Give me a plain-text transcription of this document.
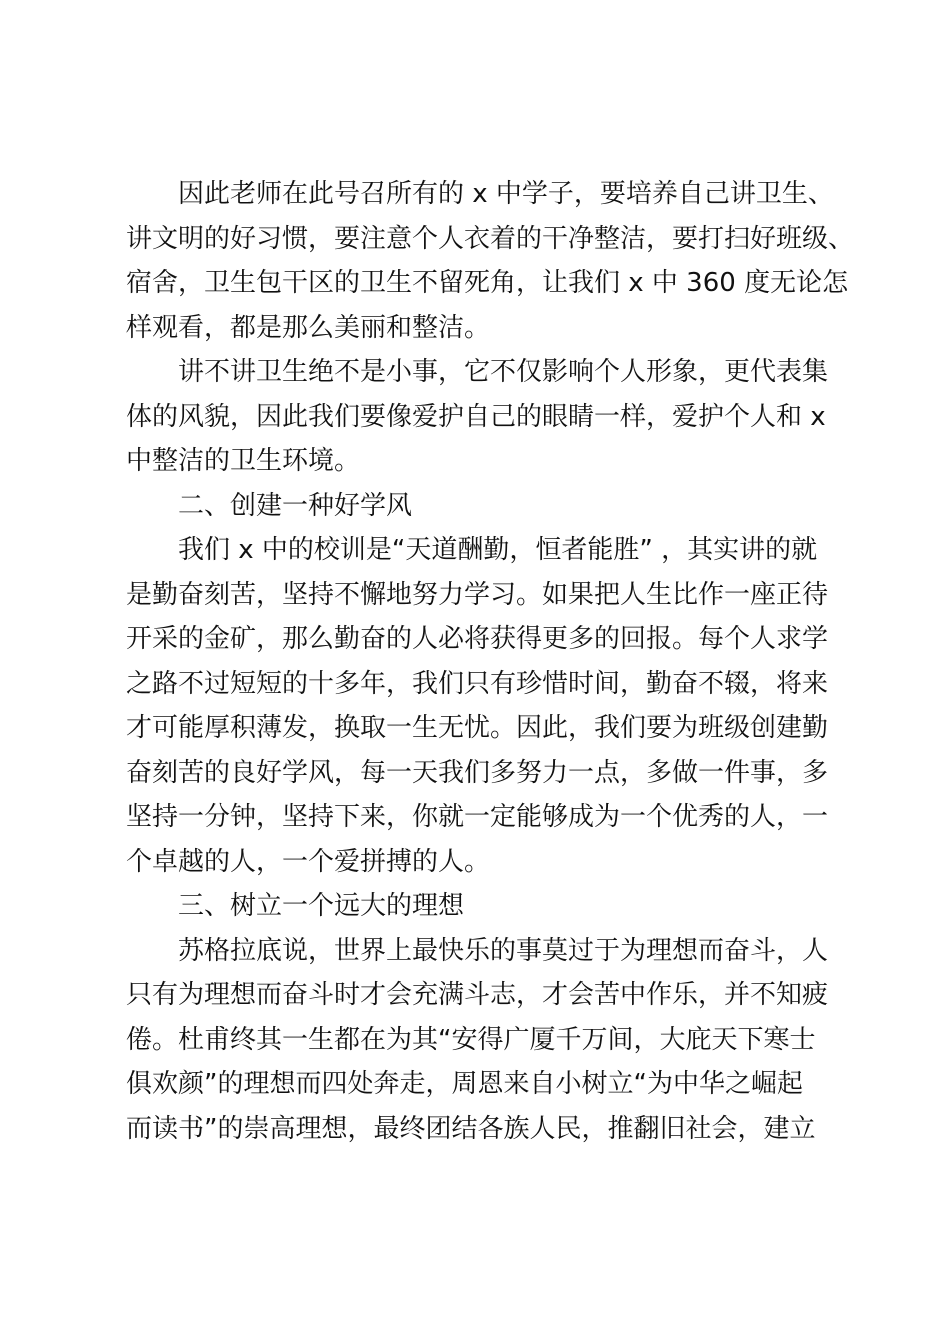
因此老师在此号召所有的 x 中学子，要培养自己讲卫生、
讲文明的好习惯，要注意个人衣着的干净整洁，要打扫好班级、
宿舍，卫生包干区的卫生不留死角，让我们 x 中 360 度无论怎
样观看，都是那么美丽和整洁。

讲不讲卫生绝不是小事，它不仅影响个人形象，更代表集
体的风貌，因此我们要像爱护自己的眼睛一样，爱护个人和 x
中整洁的卫生环境。

二、创建一种好学风

我们 x 中的校训是“天道酬勤，恒者能胜” ，其实讲的就
是勤奋刻苦，坚持不懈地努力学习。如果把人生比作一座正待
开采的金矿，那么勤奋的人必将获得更多的回报。每个人求学
之路不过短短的十多年，我们只有珍惜时间，勤奋不辍，将来
才可能厚积薄发，换取一生无忧。因此，我们要为班级创建勤
奋刻苦的良好学风，每一天我们多努力一点，多做一件事，多
坚持一分钟，坚持下来，你就一定能够成为一个优秀的人，一
个卓越的人，一个爱拼搏的人。

三、树立一个远大的理想

苏格拉底说，世界上最快乐的事莫过于为理想而奋斗，人
只有为理想而奋斗时才会充满斗志，才会苦中作乐，并不知疲
倦。杜甫终其一生都在为其“安得广厦千万间，大庇天下寒士
俱欢颜”的理想而四处奔走，周恩来自小树立“为中华之崛起
而读书”的崇高理想，最终团结各族人民，推翻旧社会，建立
